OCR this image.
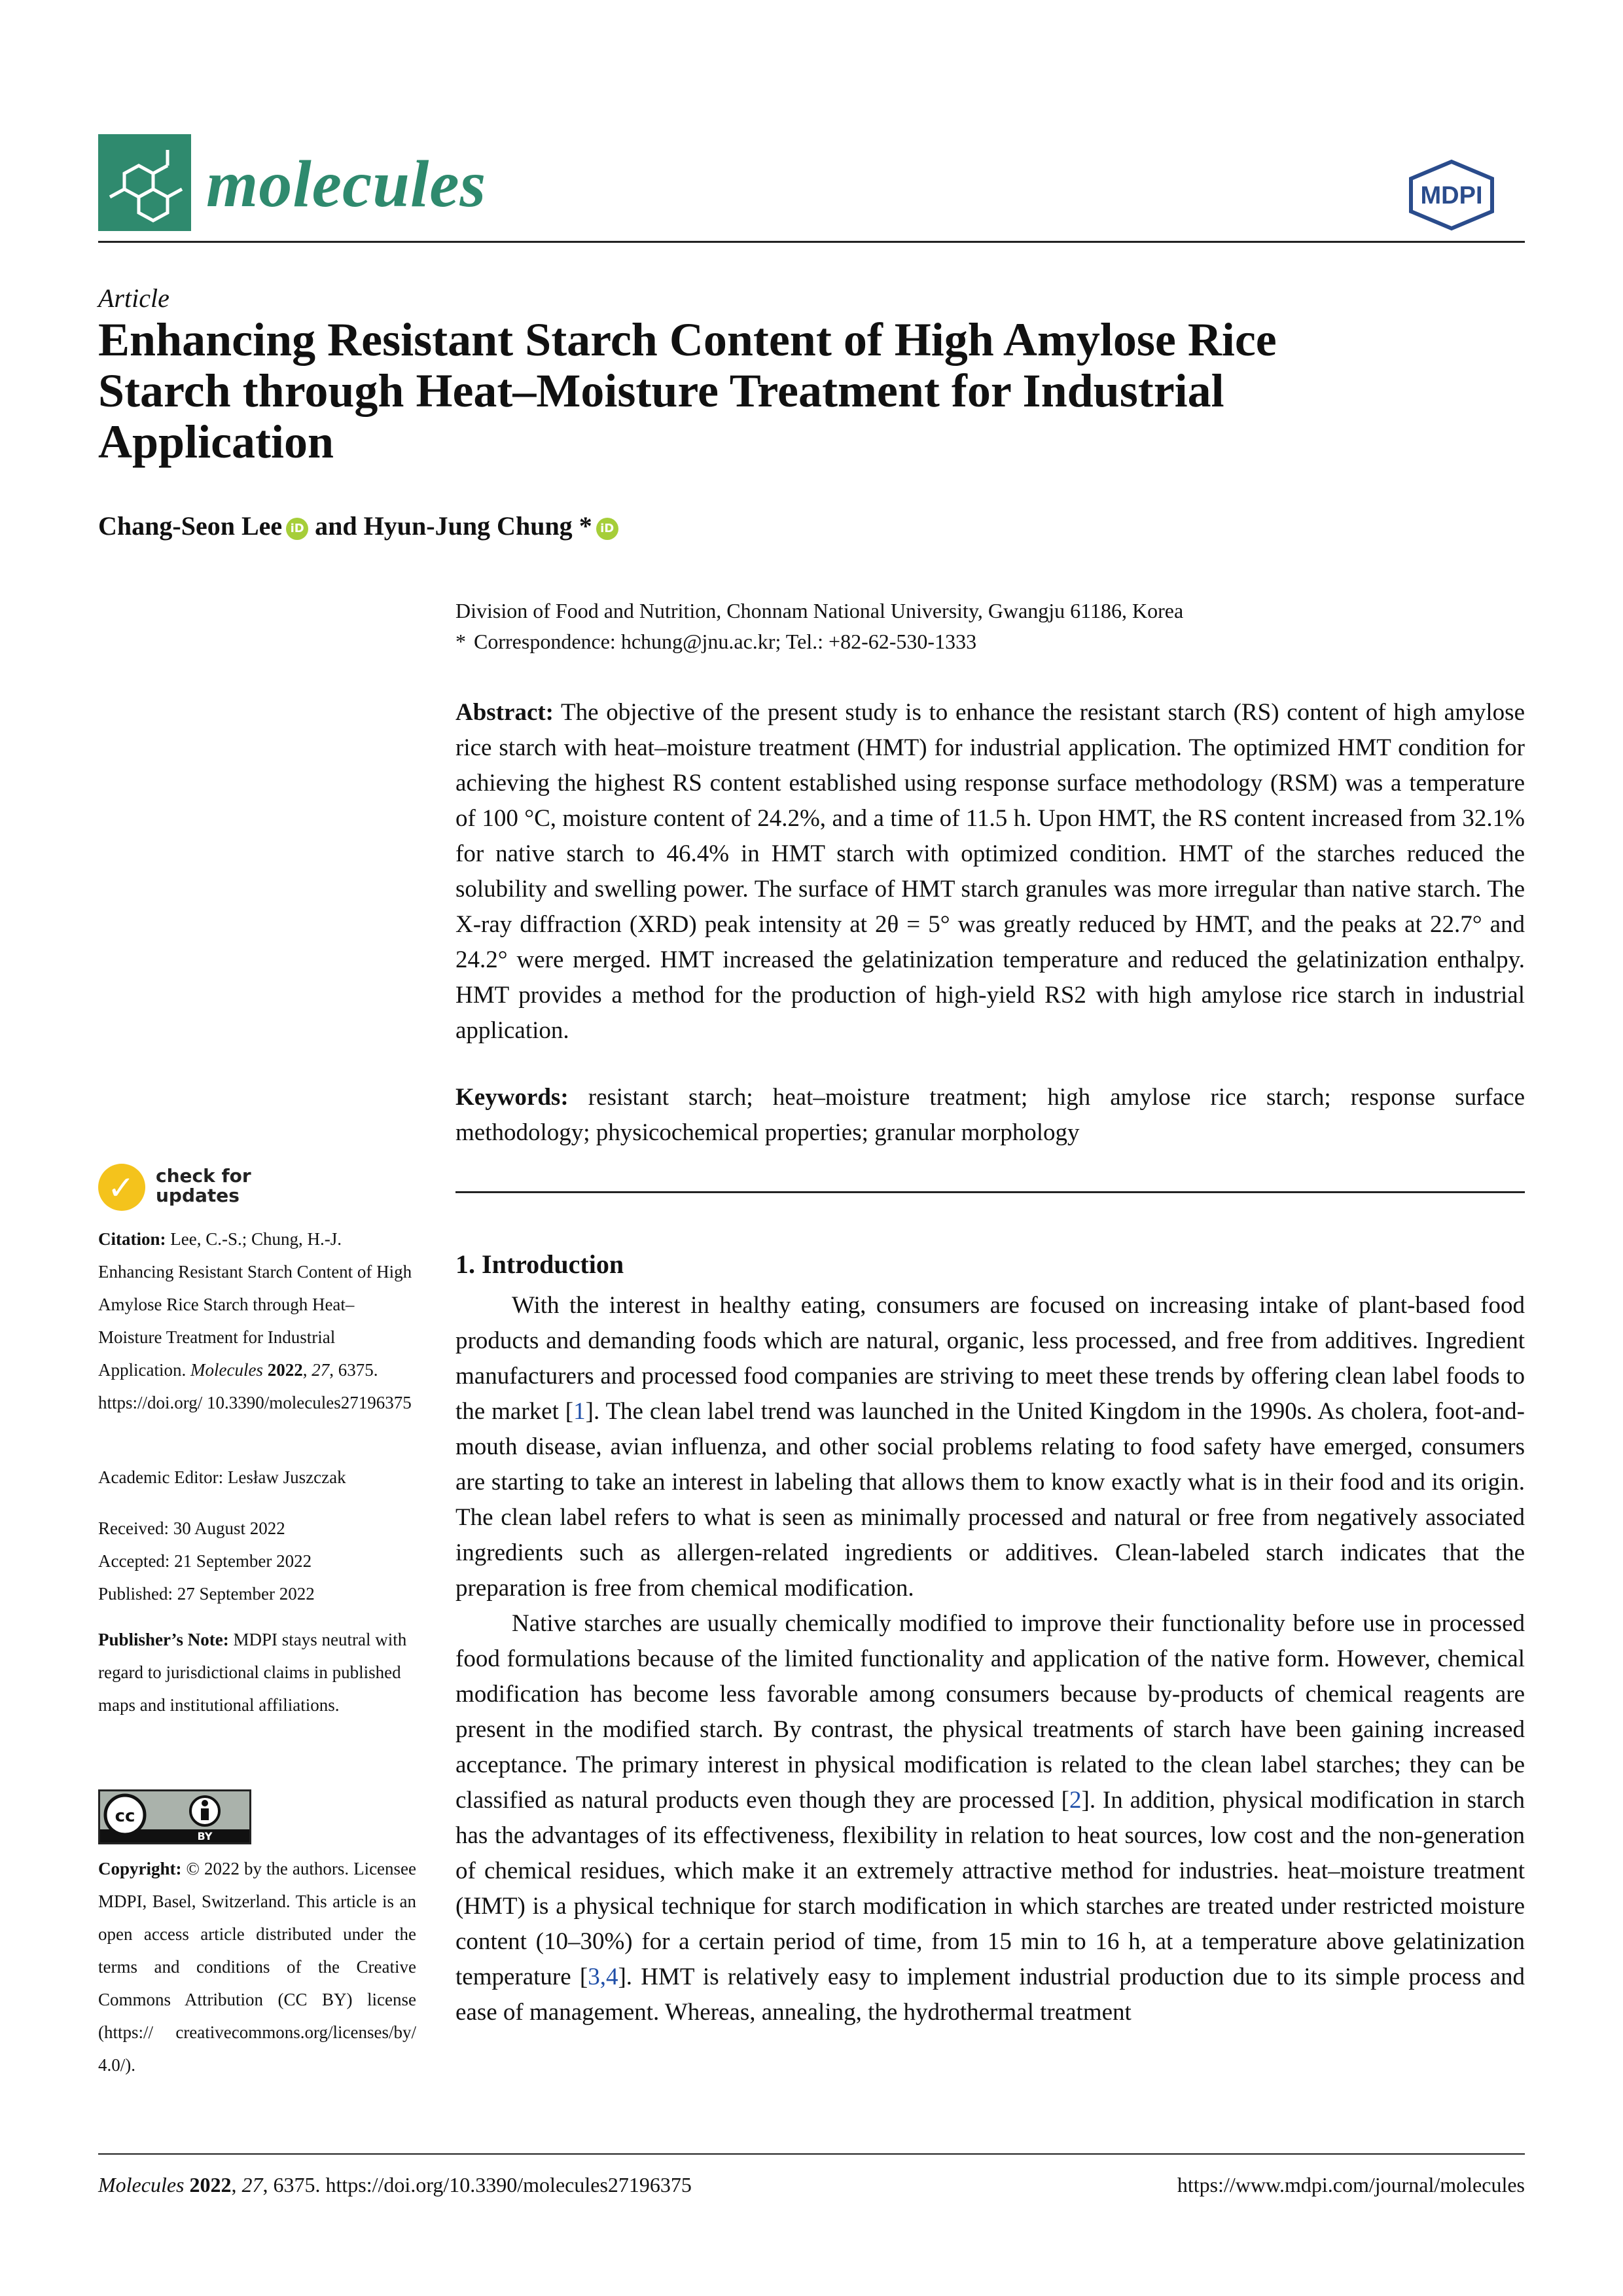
molecules	MDPI
Article
Enhancing Resistant Starch Content of High Amylose Rice Starch through Heat–Moisture Treatment for Industrial Application
Chang-Seon Lee iD and Hyun-Jung Chung * iD
Division of Food and Nutrition, Chonnam National University, Gwangju 61186, Korea
* Correspondence: hchung@jnu.ac.kr; Tel.: +82-62-530-1333

Abstract: The objective of the present study is to enhance the resistant starch (RS) content of high amylose rice starch with heat–moisture treatment (HMT) for industrial application. The optimized HMT condition for achieving the highest RS content established using response surface methodology (RSM) was a temperature of 100 °C, moisture content of 24.2%, and a time of 11.5 h. Upon HMT, the RS content increased from 32.1% for native starch to 46.4% in HMT starch with optimized condition. HMT of the starches reduced the solubility and swelling power. The surface of HMT starch granules was more irregular than native starch. The X-ray diffraction (XRD) peak intensity at 2θ = 5° was greatly reduced by HMT, and the peaks at 22.7° and 24.2° were merged. HMT increased the gelatinization temperature and reduced the gelatinization enthalpy. HMT provides a method for the production of high-yield RS2 with high amylose rice starch in industrial application.

Keywords: resistant starch; heat–moisture treatment; high amylose rice starch; response surface methodology; physicochemical properties; granular morphology

1. Introduction

With the interest in healthy eating, consumers are focused on increasing intake of plant-based food products and demanding foods which are natural, organic, less processed, and free from additives. Ingredient manufacturers and processed food companies are striving to meet these trends by offering clean label foods to the market [1]. The clean label trend was launched in the United Kingdom in the 1990s. As cholera, foot-and-mouth disease, avian influenza, and other social problems relating to food safety have emerged, consumers are starting to take an interest in labeling that allows them to know exactly what is in their food and its origin. The clean label refers to what is seen as minimally processed and natural or free from negatively associated ingredients such as allergen-related ingredients or additives. Clean-labeled starch indicates that the preparation is free from chemical modification.

Native starches are usually chemically modified to improve their functionality before use in processed food formulations because of the limited functionality and application of the native form. However, chemical modification has become less favorable among consumers because by-products of chemical reagents are present in the modified starch. By contrast, the physical treatments of starch have been gaining increased acceptance. The primary interest in physical modification is related to the clean label starches; they can be classified as natural products even though they are processed [2]. In addition, physical modification in starch has the advantages of its effectiveness, flexibility in relation to heat sources, low cost and the non-generation of chemical residues, which make it an extremely attractive method for industries. heat–moisture treatment (HMT) is a physical technique for starch modification in which starches are treated under restricted moisture content (10–30%) for a certain period of time, from 15 min to 16 h, at a temperature above gelatinization temperature [3,4]. HMT is relatively easy to implement industrial production due to its simple process and ease of management. Whereas, annealing, the hydrothermal treatment

✓ check for
updates
Citation: Lee, C.-S.; Chung, H.-J. Enhancing Resistant Starch Content of High Amylose Rice Starch through Heat–Moisture Treatment for Industrial Application. Molecules 2022, 27, 6375. https://doi.org/ 10.3390/molecules27196375
Academic Editor: Lesław Juszczak
Received: 30 August 2022
Accepted: 21 September 2022
Published: 27 September 2022
Publisher’s Note: MDPI stays neutral with regard to jurisdictional claims in published maps and institutional affiliations.
cc
BY
Copyright: © 2022 by the authors. Licensee MDPI, Basel, Switzerland. This article is an open access article distributed under the terms and conditions of the Creative Commons Attribution (CC BY) license (https:// creativecommons.org/licenses/by/ 4.0/).
Molecules 2022, 27, 6375. https://doi.org/10.3390/molecules27196375	https://www.mdpi.com/journal/molecules
